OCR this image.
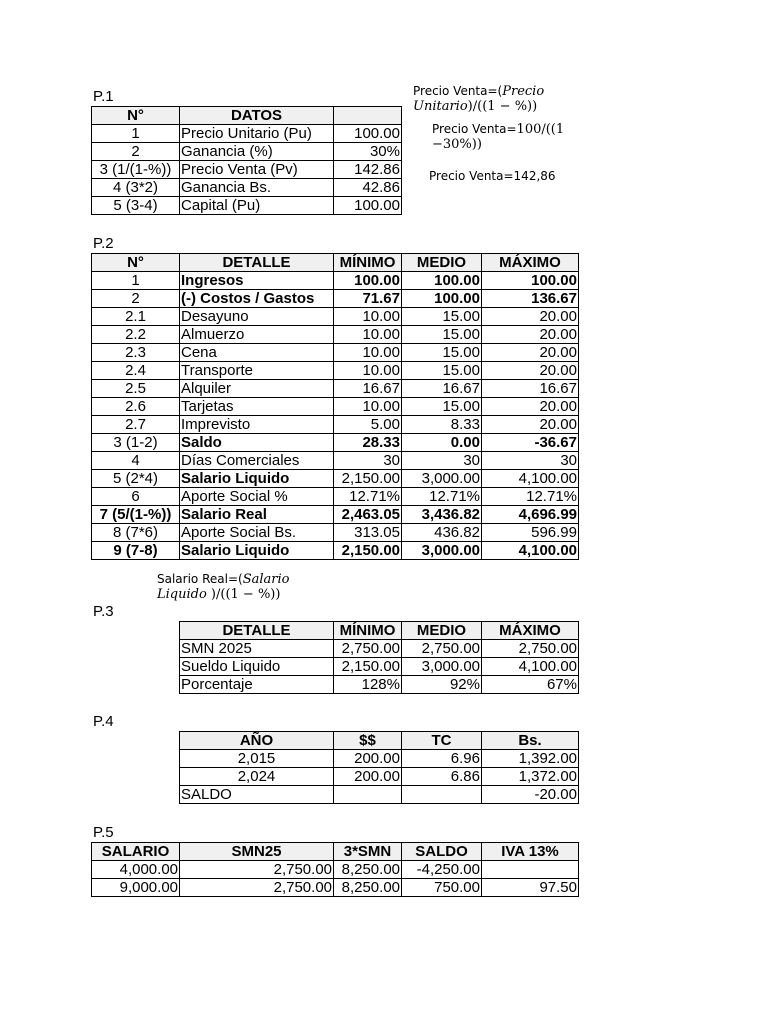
P.1
N°	DATOS	
1	Precio Unitario (Pu)	100.00
2	Ganancia (%)	30%
3 (1/(1-%))	Precio Venta (Pv)	142.86
4 (3*2)	Ganancia Bs.	42.86
5 (3-4)	Capital (Pu)	100.00
Precio Venta=(Precio
Unitario)/((1 − %))
Precio Venta=100/((1
−30%))
Precio Venta=142,86
P.2
N°	DETALLE	MÍNIMO	MEDIO	MÁXIMO
1	Ingresos	100.00	100.00	100.00
2	(-) Costos / Gastos	71.67	100.00	136.67
2.1	Desayuno	10.00	15.00	20.00
2.2	Almuerzo	10.00	15.00	20.00
2.3	Cena	10.00	15.00	20.00
2.4	Transporte	10.00	15.00	20.00
2.5	Alquiler	16.67	16.67	16.67
2.6	Tarjetas	10.00	15.00	20.00
2.7	Imprevisto	5.00	8.33	20.00
3 (1-2)	Saldo	28.33	0.00	-36.67
4	Días Comerciales	30	30	30
5 (2*4)	Salario Liquido	2,150.00	3,000.00	4,100.00
6	Aporte Social %	12.71%	12.71%	12.71%
7 (5/(1-%))	Salario Real	2,463.05	3,436.82	4,696.99
8 (7*6)	Aporte Social Bs.	313.05	436.82	596.99
9 (7-8)	Salario Liquido	2,150.00	3,000.00	4,100.00
Salario Real=(Salario
Liquido )/((1 − %))
P.3
DETALLE	MÍNIMO	MEDIO	MÁXIMO
SMN 2025	2,750.00	2,750.00	2,750.00
Sueldo Liquido	2,150.00	3,000.00	4,100.00
Porcentaje	128%	92%	67%
P.4
AÑO	$$	TC	Bs.
2,015	200.00	6.96	1,392.00
2,024	200.00	6.86	1,372.00
SALDO			-20.00
P.5
SALARIO	SMN25	3*SMN	SALDO	IVA 13%
4,000.00	2,750.00	8,250.00	-4,250.00	
9,000.00	2,750.00	8,250.00	750.00	97.50
